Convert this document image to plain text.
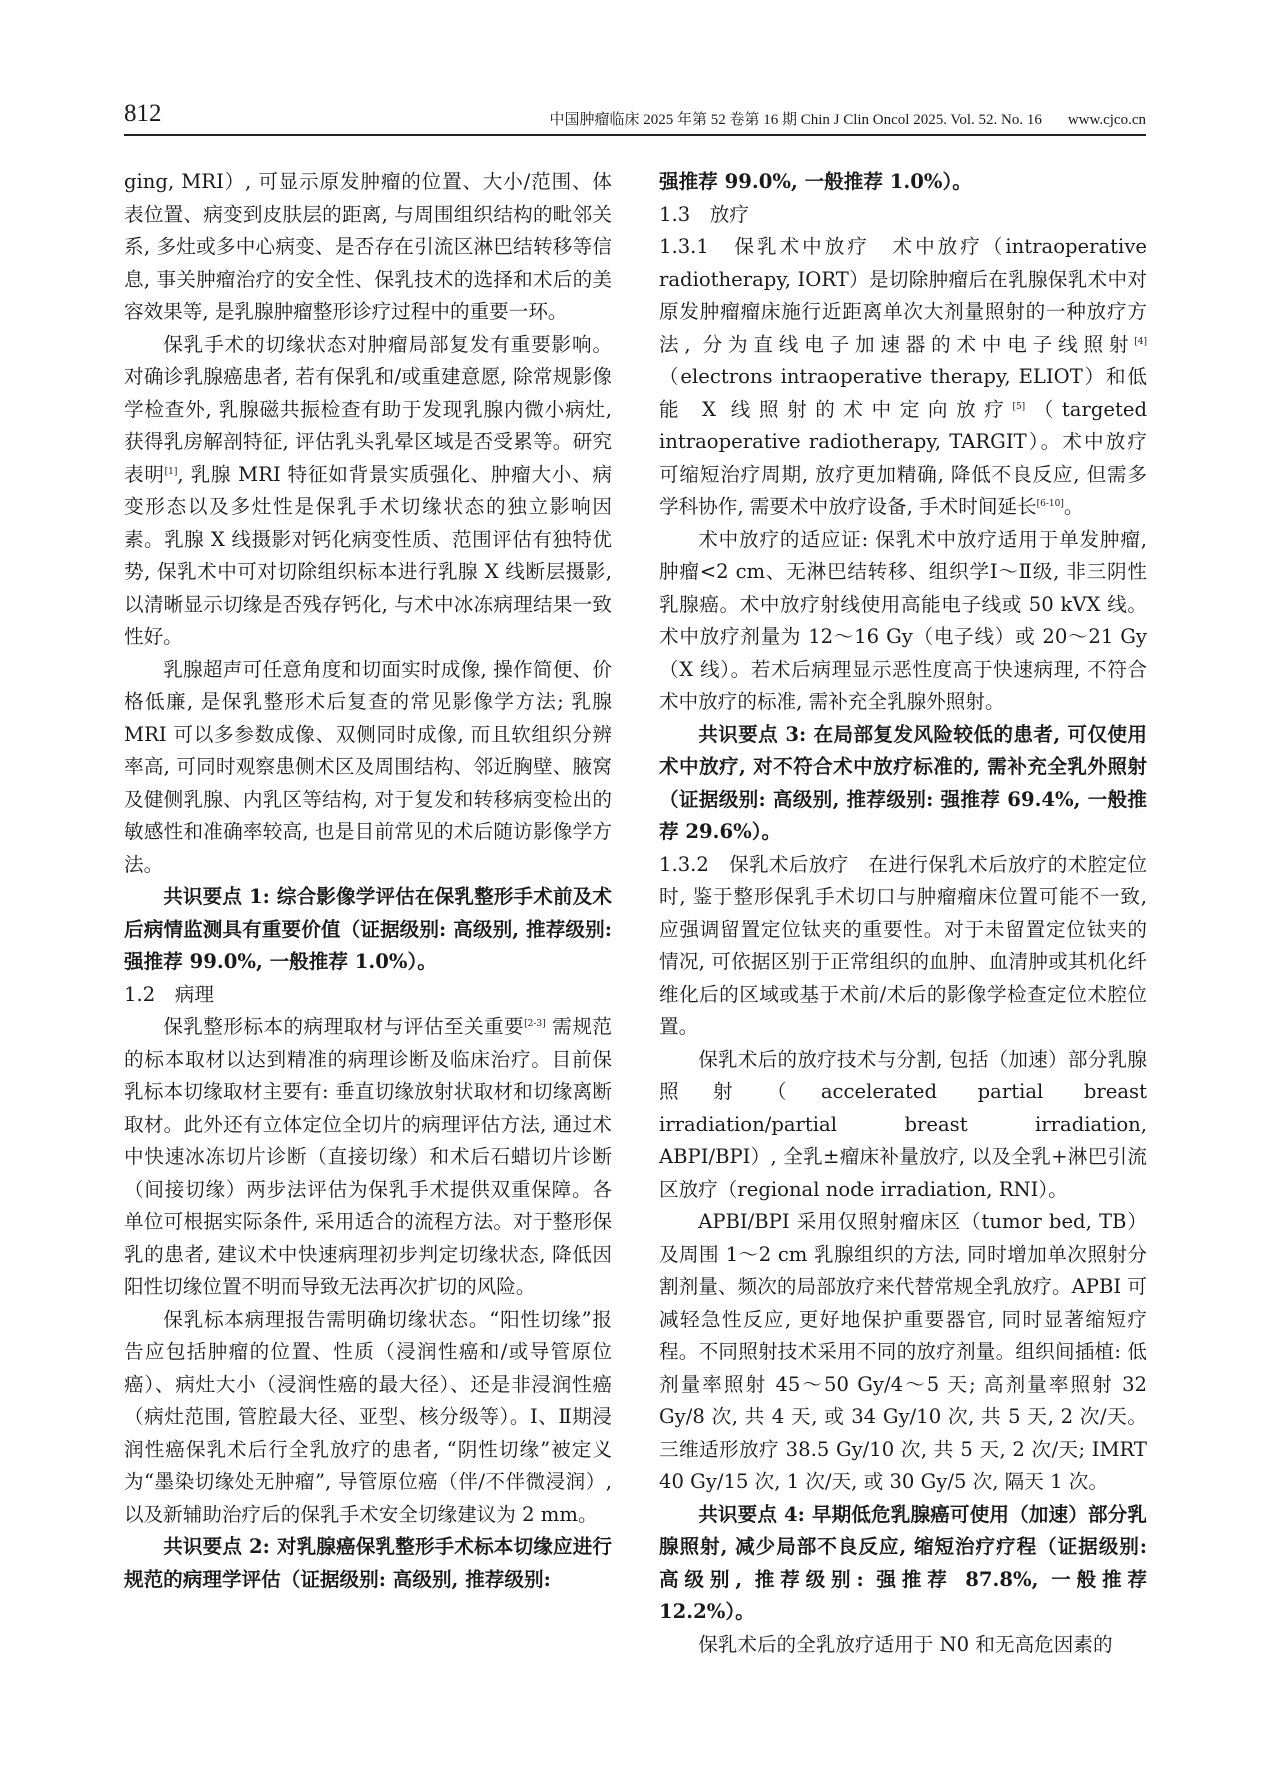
812	中国肿瘤临床 2025 年第 52 卷第 16 期 Chin J Clin Oncol 2025. Vol. 52. No. 16 www.cjco.cn

ging, MRI）, 可显示原发肿瘤的位置、大小/范围、体表位置、病变到皮肤层的距离, 与周围组织结构的毗邻关系, 多灶或多中心病变、是否存在引流区淋巴结转移等信息, 事关肿瘤治疗的安全性、保乳技术的选择和术后的美容效果等, 是乳腺肿瘤整形诊疗过程中的重要一环。

保乳手术的切缘状态对肿瘤局部复发有重要影响。对确诊乳腺癌患者, 若有保乳和/或重建意愿, 除常规影像学检查外, 乳腺磁共振检查有助于发现乳腺内微小病灶, 获得乳房解剖特征, 评估乳头乳晕区域是否受累等。研究表明[1], 乳腺 MRI 特征如背景实质强化、肿瘤大小、病变形态以及多灶性是保乳手术切缘状态的独立影响因素。乳腺 X 线摄影对钙化病变性质、范围评估有独特优势, 保乳术中可对切除组织标本进行乳腺 X 线断层摄影, 以清晰显示切缘是否残存钙化, 与术中冰冻病理结果一致性好。

乳腺超声可任意角度和切面实时成像, 操作简便、价格低廉, 是保乳整形术后复查的常见影像学方法; 乳腺 MRI 可以多参数成像、双侧同时成像, 而且软组织分辨率高, 可同时观察患侧术区及周围结构、邻近胸壁、腋窝及健侧乳腺、内乳区等结构, 对于复发和转移病变检出的敏感性和准确率较高, 也是目前常见的术后随访影像学方法。

共识要点 1: 综合影像学评估在保乳整形手术前及术后病情监测具有重要价值（证据级别: 高级别, 推荐级别: 强推荐 99.0%, 一般推荐 1.0%）。

1.2　病理

保乳整形标本的病理取材与评估至关重要[2-3] 需规范的标本取材以达到精准的病理诊断及临床治疗。目前保乳标本切缘取材主要有: 垂直切缘放射状取材和切缘离断取材。此外还有立体定位全切片的病理评估方法, 通过术中快速冰冻切片诊断（直接切缘）和术后石蜡切片诊断（间接切缘）两步法评估为保乳手术提供双重保障。各单位可根据实际条件, 采用适合的流程方法。对于整形保乳的患者, 建议术中快速病理初步判定切缘状态, 降低因阳性切缘位置不明而导致无法再次扩切的风险。

保乳标本病理报告需明确切缘状态。“阳性切缘”报告应包括肿瘤的位置、性质（浸润性癌和/或导管原位癌）、病灶大小（浸润性癌的最大径）、还是非浸润性癌（病灶范围, 管腔最大径、亚型、核分级等）。Ⅰ、Ⅱ期浸润性癌保乳术后行全乳放疗的患者, “阴性切缘”被定义为“墨染切缘处无肿瘤”, 导管原位癌（伴/不伴微浸润）, 以及新辅助治疗后的保乳手术安全切缘建议为 2 mm。

共识要点 2: 对乳腺癌保乳整形手术标本切缘应进行规范的病理学评估（证据级别: 高级别, 推荐级别:

强推荐 99.0%, 一般推荐 1.0%）。

1.3　放疗

1.3.1　保乳术中放疗　术中放疗（intraoperative radiotherapy, IORT）是切除肿瘤后在乳腺保乳术中对原发肿瘤瘤床施行近距离单次大剂量照射的一种放疗方法, 分为直线电子加速器的术中电子线照射[4]（electrons intraoperative therapy, ELIOT）和低能 X 线照射的术中定向放疗[5]（targeted intraoperative radiotherapy, TARGIT）。术中放疗可缩短治疗周期, 放疗更加精确, 降低不良反应, 但需多学科协作, 需要术中放疗设备, 手术时间延长[6-10]。

术中放疗的适应证: 保乳术中放疗适用于单发肿瘤, 肿瘤<2 cm、无淋巴结转移、组织学Ⅰ～Ⅱ级, 非三阴性乳腺癌。术中放疗射线使用高能电子线或 50 kVX 线。术中放疗剂量为 12～16 Gy（电子线）或 20～21 Gy（X 线）。若术后病理显示恶性度高于快速病理, 不符合术中放疗的标准, 需补充全乳腺外照射。

共识要点 3: 在局部复发风险较低的患者, 可仅使用术中放疗, 对不符合术中放疗标准的, 需补充全乳外照射（证据级别: 高级别, 推荐级别: 强推荐 69.4%, 一般推荐 29.6%）。

1.3.2　保乳术后放疗　在进行保乳术后放疗的术腔定位时, 鉴于整形保乳手术切口与肿瘤瘤床位置可能不一致, 应强调留置定位钛夹的重要性。对于未留置定位钛夹的情况, 可依据区别于正常组织的血肿、血清肿或其机化纤维化后的区域或基于术前/术后的影像学检查定位术腔位置。

保乳术后的放疗技术与分割, 包括（加速）部分乳腺照射（accelerated partial breast irradiation/partial breast irradiation, ABPI/BPI）, 全乳±瘤床补量放疗, 以及全乳+淋巴引流区放疗（regional node irradiation, RNI）。

APBI/BPI 采用仅照射瘤床区（tumor bed, TB）及周围 1～2 cm 乳腺组织的方法, 同时增加单次照射分割剂量、频次的局部放疗来代替常规全乳放疗。APBI 可减轻急性反应, 更好地保护重要器官, 同时显著缩短疗程。不同照射技术采用不同的放疗剂量。组织间插植: 低剂量率照射 45～50 Gy/4～5 天; 高剂量率照射 32 Gy/8 次, 共 4 天, 或 34 Gy/10 次, 共 5 天, 2 次/天。三维适形放疗 38.5 Gy/10 次, 共 5 天, 2 次/天; IMRT 40 Gy/15 次, 1 次/天, 或 30 Gy/5 次, 隔天 1 次。

共识要点 4: 早期低危乳腺癌可使用（加速）部分乳腺照射, 减少局部不良反应, 缩短治疗疗程（证据级别: 高级别, 推荐级别: 强推荐 87.8%, 一般推荐 12.2%）。

保乳术后的全乳放疗适用于 N0 和无高危因素的
